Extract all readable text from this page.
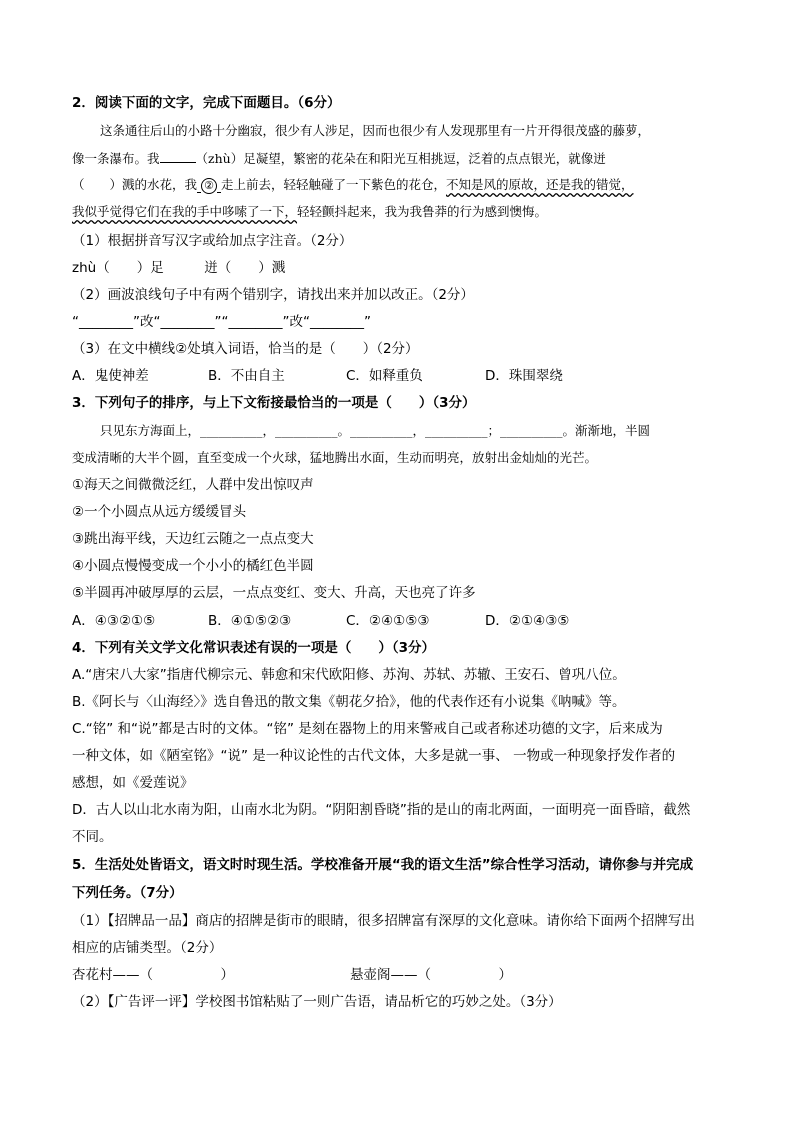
2．阅读下面的文字，完成下面题目。（6分）
这条通往后山的小路十分幽寂，很少有人涉足，因而也很少有人发现那里有一片开得很茂盛的藤萝，
像一条瀑布。我	（zhù）足凝望，繁密的花朵在和阳光互相挑逗，泛着的点点银光，就像迸
（　　）溅的水花，我 ② 走上前去，轻轻触碰了一下紫色的花仓，不知是风的原故，还是我的错觉，
我似乎觉得它们在我的手中哆嗦了一下，轻轻颤抖起来，我为我鲁莽的行为感到懊悔。
（1）根据拼音写汉字或给加点字注音。（2分）
zhù（　　）足　　　迸（　　）溅
（2）画波浪线句子中有两个错别字，请找出来并加以改正。（2分）
“________”改“________”“________”改“________”
（3）在文中横线②处填入词语，恰当的是（　　）（2分）
A．鬼使神差	B．不由自主	C．如释重负	D．珠围翠绕
3．下列句子的排序，与上下文衔接最恰当的一项是（　　）（3分）
只见东方海面上，__________，__________。__________，__________；__________。渐渐地，半圆
变成清晰的大半个圆，直至变成一个火球，猛地腾出水面，生动而明亮，放射出金灿灿的光芒。
①海天之间微微泛红，人群中发出惊叹声
②一个小圆点从远方缓缓冒头
③跳出海平线，天边红云随之一点点变大
④小圆点慢慢变成一个小小的橘红色半圆
⑤半圆再冲破厚厚的云层，一点点变红、变大、升高，天也亮了许多
A．④③②①⑤	B．④①⑤②③	C．②④①⑤③	D．②①④③⑤
4．下列有关文学文化常识表述有误的一项是（　　）（3分）
A.“唐宋八大家”指唐代柳宗元、韩愈和宋代欧阳修、苏洵、苏轼、苏辙、王安石、曾巩八位。
B.《阿长与〈山海经〉》选自鲁迅的散文集《朝花夕拾》，他的代表作还有小说集《呐喊》等。
C.“铭” 和“说”都是古时的文体。“铭” 是刻在器物上的用来警戒自己或者称述功德的文字，后来成为
一种文体，如《陋室铭》“说” 是一种议论性的古代文体，大多是就一事、 一物或一种现象抒发作者的
感想，如《爱莲说》
D．古人以山北水南为阳，山南水北为阴。“阴阳割昏晓”指的是山的南北两面，一面明亮一面昏暗，截然
不同。
5．生活处处皆语文，语文时时现生活。学校准备开展“我的语文生活”综合性学习活动，请你参与并完成
下列任务。（7分）
（1）【招牌品一品】商店的招牌是街市的眼睛，很多招牌富有深厚的文化意味。请你给下面两个招牌写出
相应的店铺类型。（2分）
杏花村——（　　　　　）	悬壶阁——（　　　　　）
（2）【广告评一评】学校图书馆粘贴了一则广告语，请品析它的巧妙之处。（3分）
